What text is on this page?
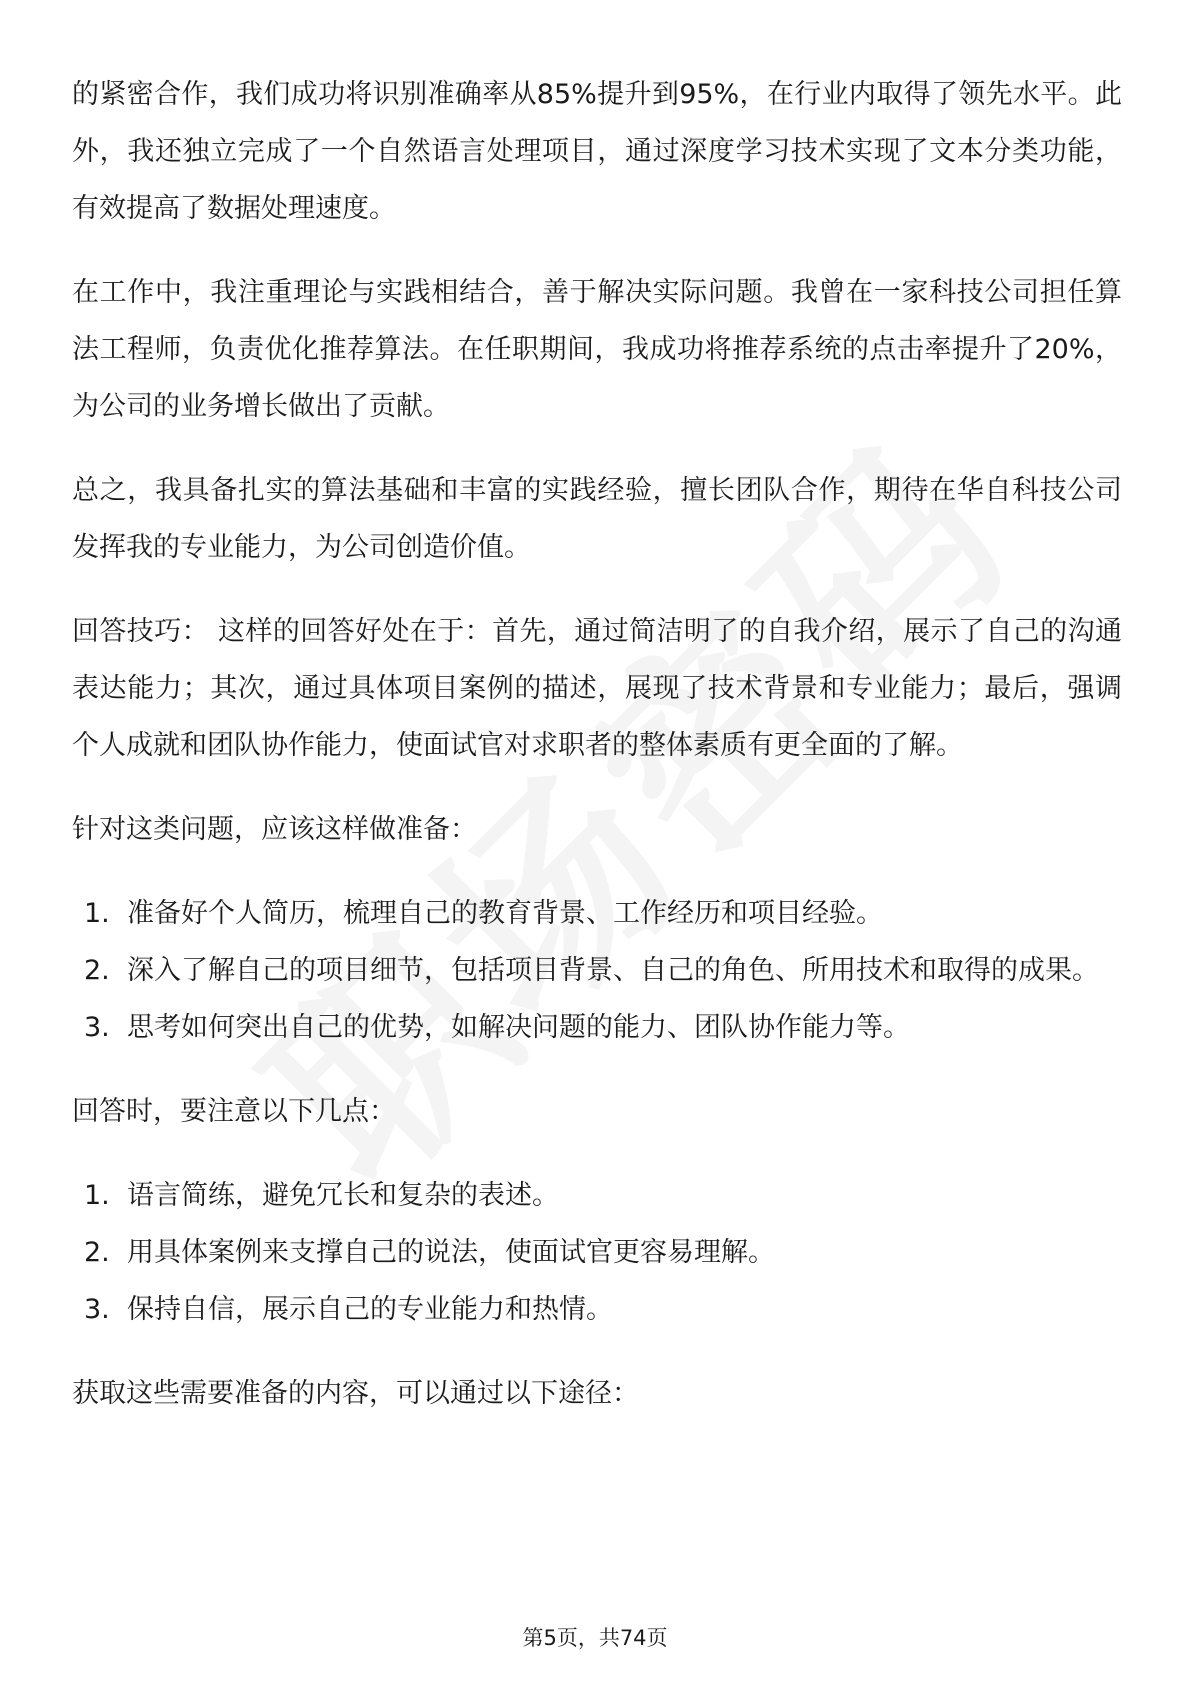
的紧密合作，我们成功将识别准确率从85%提升到95%，在行业内取得了领先水平。此外，我还独立完成了一个自然语言处理项目，通过深度学习技术实现了文本分类功能，有效提高了数据处理速度。

在工作中，我注重理论与实践相结合，善于解决实际问题。我曾在一家科技公司担任算法工程师，负责优化推荐算法。在任职期间，我成功将推荐系统的点击率提升了20%，为公司的业务增长做出了贡献。

总之，我具备扎实的算法基础和丰富的实践经验，擅长团队合作，期待在华自科技公司发挥我的专业能力，为公司创造价值。

回答技巧： 这样的回答好处在于：首先，通过简洁明了的自我介绍，展示了自己的沟通表达能力；其次，通过具体项目案例的描述，展现了技术背景和专业能力；最后，强调个人成就和团队协作能力，使面试官对求职者的整体素质有更全面的了解。

针对这类问题，应该这样做准备：

1. 准备好个人简历，梳理自己的教育背景、工作经历和项目经验。
2. 深入了解自己的项目细节，包括项目背景、自己的角色、所用技术和取得的成果。
3. 思考如何突出自己的优势，如解决问题的能力、团队协作能力等。

回答时，要注意以下几点：

1. 语言简练，避免冗长和复杂的表述。
2. 用具体案例来支撑自己的说法，使面试官更容易理解。
3. 保持自信，展示自己的专业能力和热情。

获取这些需要准备的内容，可以通过以下途径：

第5页，共74页
